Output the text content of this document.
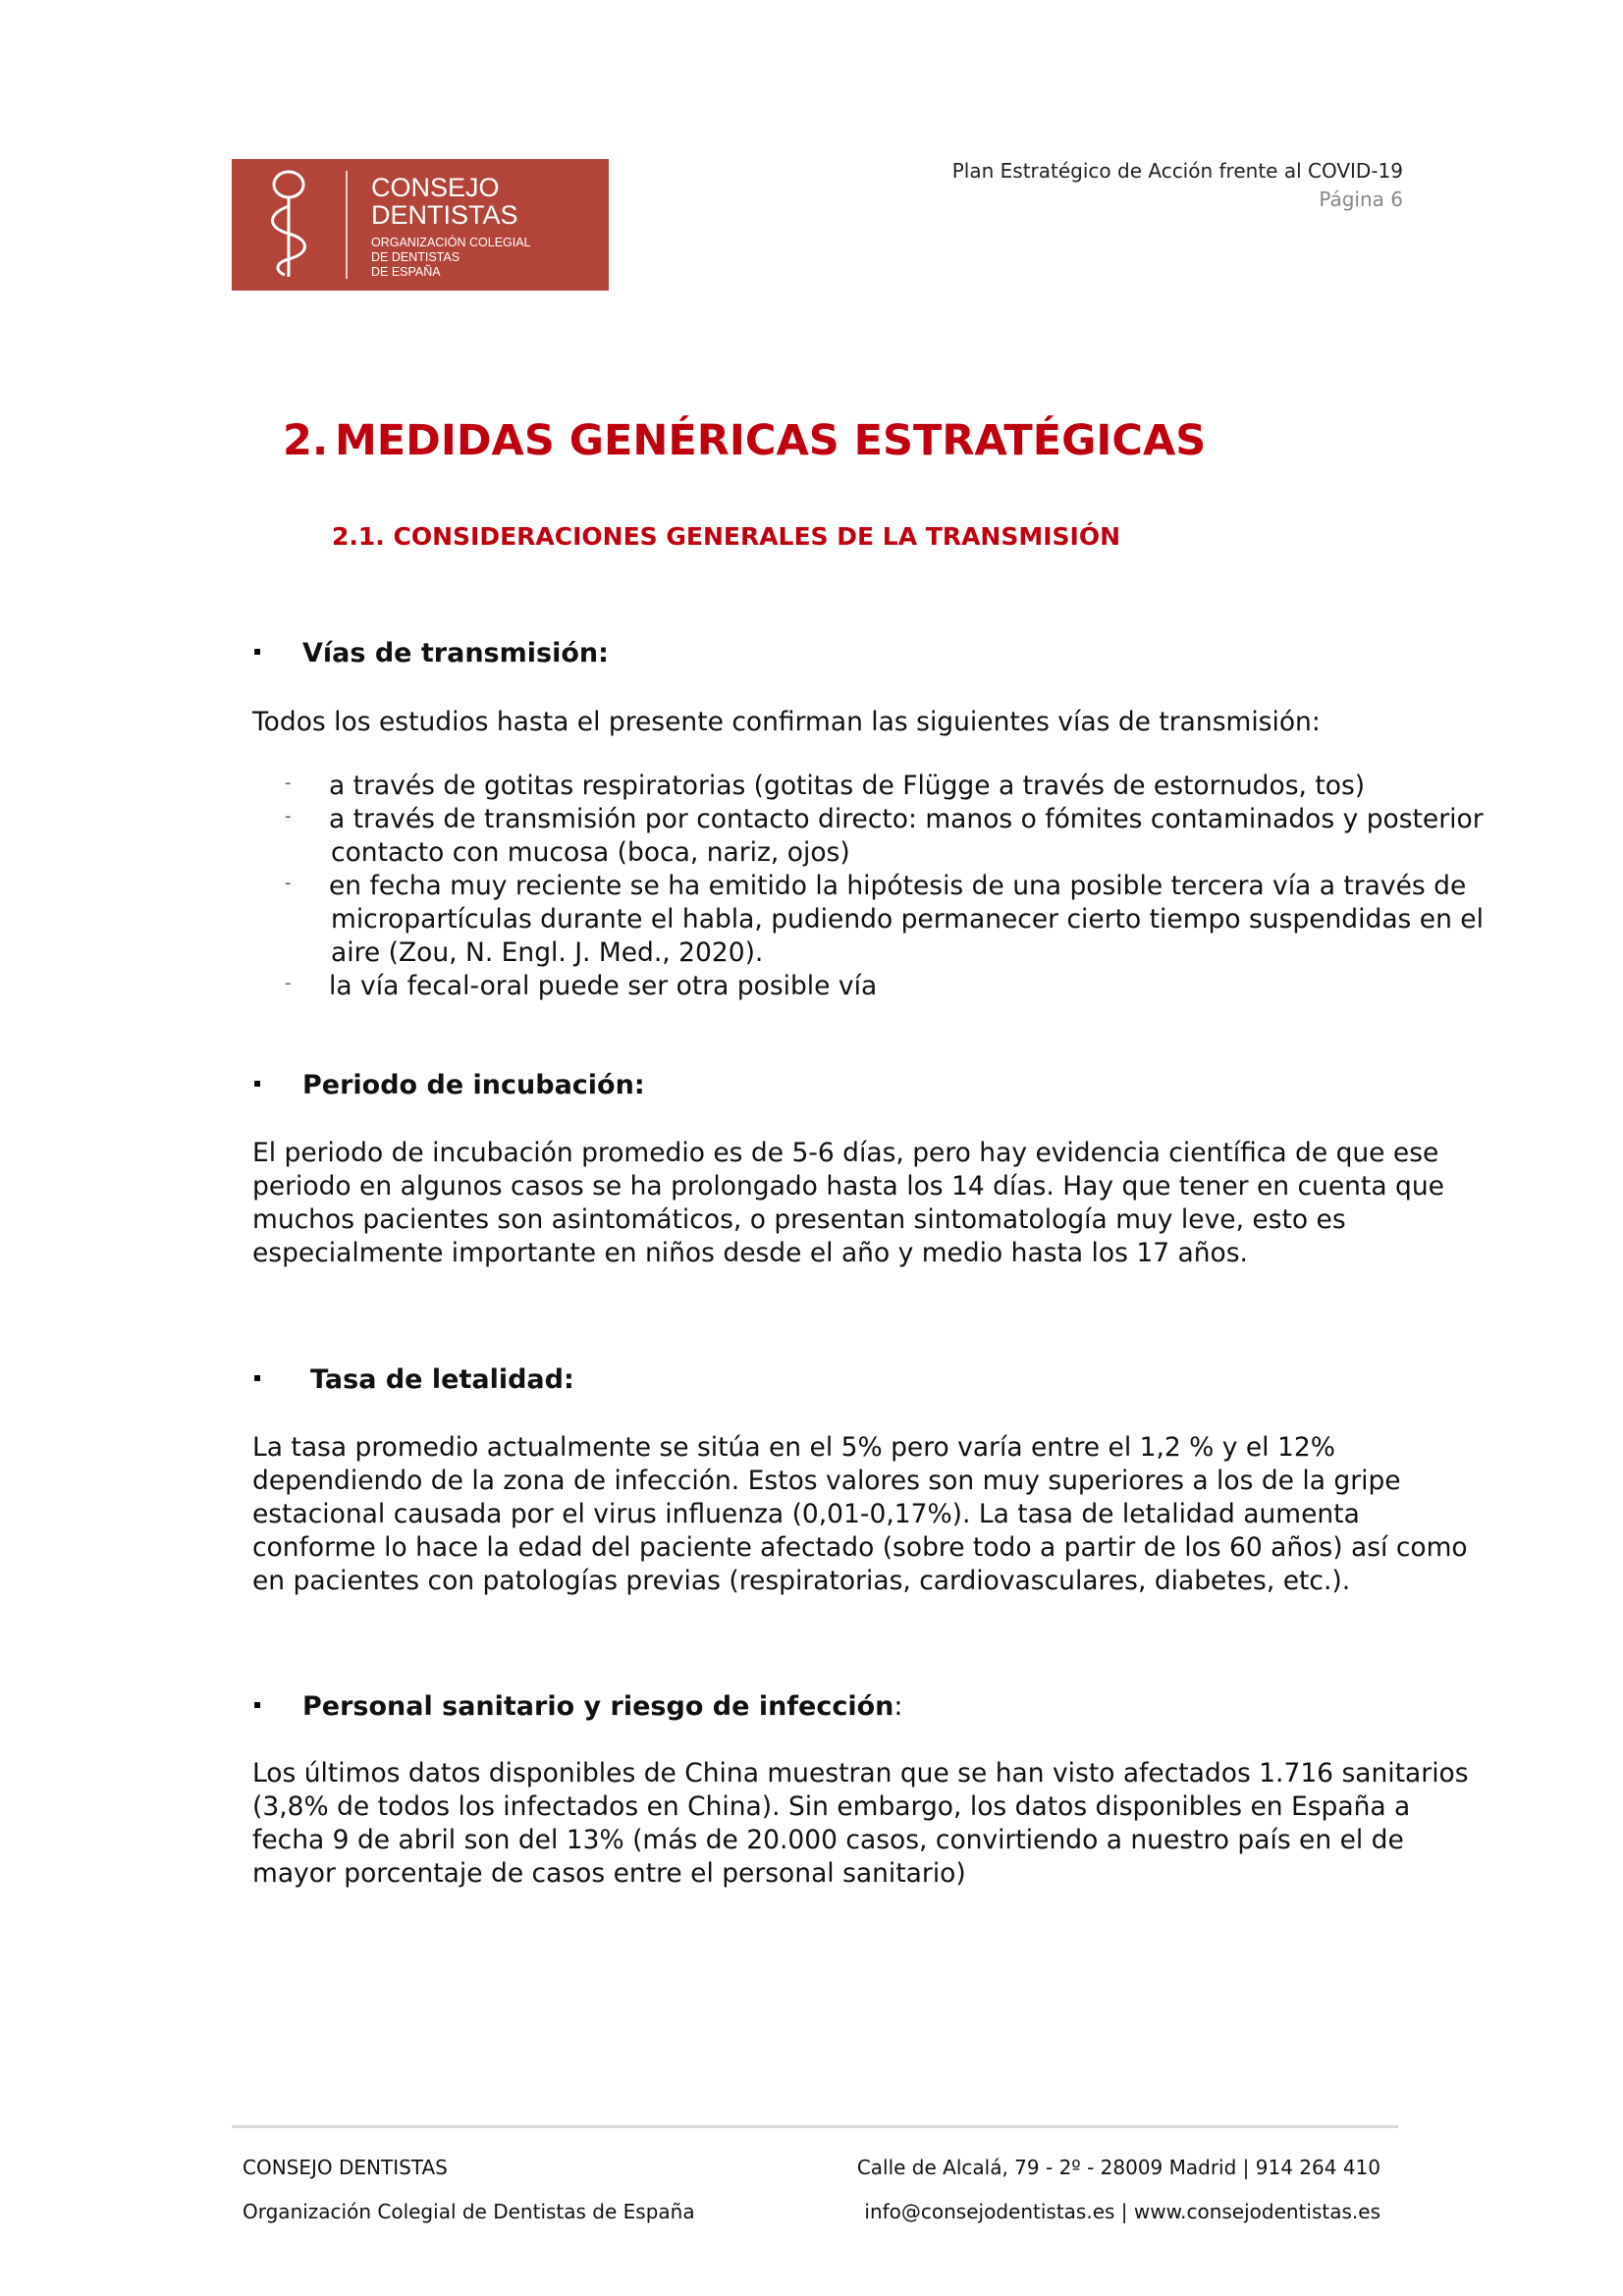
CONSEJO
DENTISTAS
ORGANIZACIÓN COLEGIAL
DE DENTISTAS
DE ESPAÑA
Plan Estratégico de Acción frente al COVID-19
Página 6
2. MEDIDAS GENÉRICAS ESTRATÉGICAS
2.1. CONSIDERACIONES GENERALES DE LA TRANSMISIÓN
▪ Vías de transmisión:
Todos los estudios hasta el presente confirman las siguientes vías de transmisión:
- a través de gotitas respiratorias (gotitas de Flügge a través de estornudos, tos)
- a través de transmisión por contacto directo: manos o fómites contaminados y posterior
contacto con mucosa (boca, nariz, ojos)
- en fecha muy reciente se ha emitido la hipótesis de una posible tercera vía a través de
micropartículas durante el habla, pudiendo permanecer cierto tiempo suspendidas en el
aire (Zou, N. Engl. J. Med., 2020).
- la vía fecal-oral puede ser otra posible vía
▪ Periodo de incubación:
El periodo de incubación promedio es de 5-6 días, pero hay evidencia científica de que ese
periodo en algunos casos se ha prolongado hasta los 14 días. Hay que tener en cuenta que
muchos pacientes son asintomáticos, o presentan sintomatología muy leve, esto es
especialmente importante en niños desde el año y medio hasta los 17 años.
▪ Tasa de letalidad:
La tasa promedio actualmente se sitúa en el 5% pero varía entre el 1,2 % y el 12%
dependiendo de la zona de infección. Estos valores son muy superiores a los de la gripe
estacional causada por el virus influenza (0,01-0,17%). La tasa de letalidad aumenta
conforme lo hace la edad del paciente afectado (sobre todo a partir de los 60 años) así como
en pacientes con patologías previas (respiratorias, cardiovasculares, diabetes, etc.).
▪ Personal sanitario y riesgo de infección:
Los últimos datos disponibles de China muestran que se han visto afectados 1.716 sanitarios
(3,8% de todos los infectados en China). Sin embargo, los datos disponibles en España a
fecha 9 de abril son del 13% (más de 20.000 casos, convirtiendo a nuestro país en el de
mayor porcentaje de casos entre el personal sanitario)
CONSEJO DENTISTAS
Organización Colegial de Dentistas de España
Calle de Alcalá, 79 - 2º - 28009 Madrid | 914 264 410
info@consejodentistas.es | www.consejodentistas.es
